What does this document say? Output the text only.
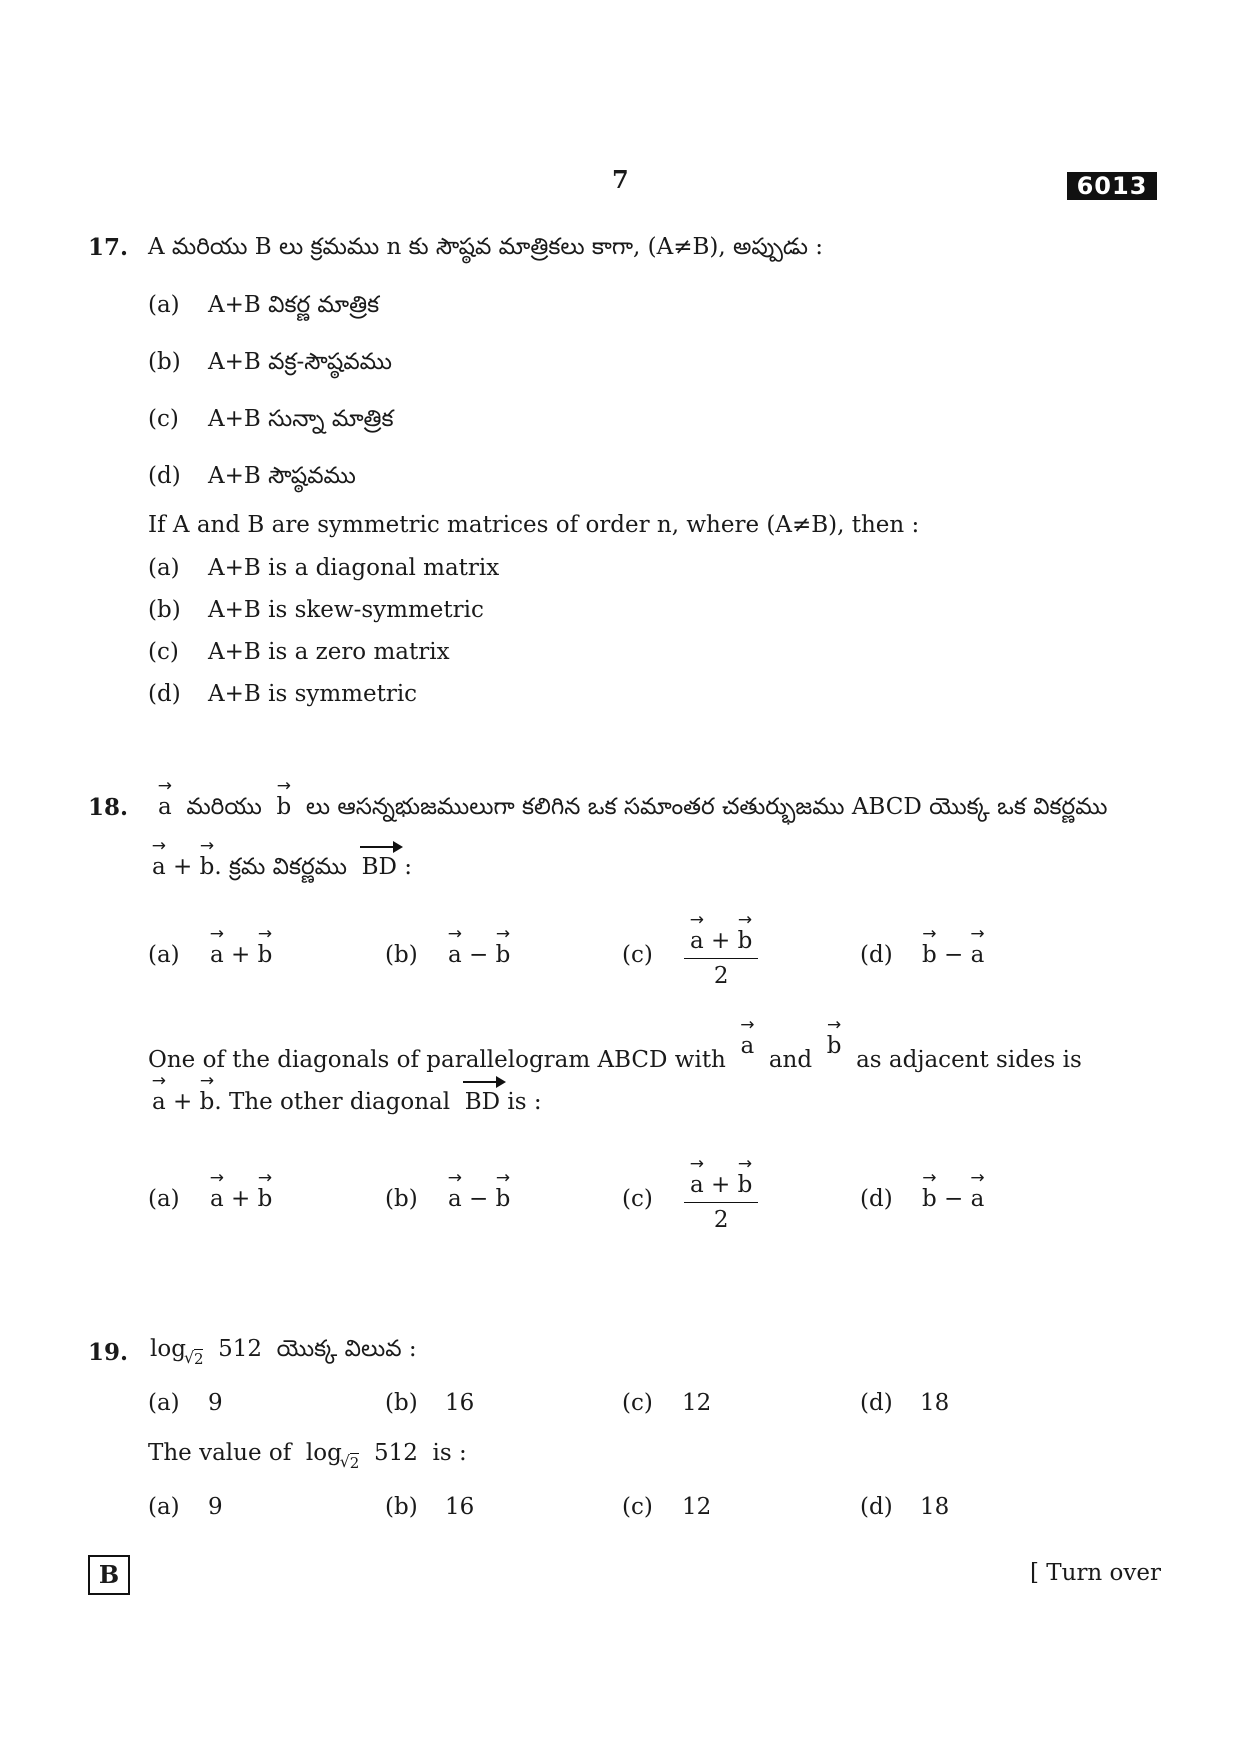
7	6013
17. A మరియు B లు క్రమము n కు సౌష్ఠవ మాత్రికలు కాగా, (A≠B), అప్పుడు :
(a) A+B వికర్ణ మాత్రిక
(b) A+B వక్ర-సౌష్ఠవము
(c) A+B సున్నా మాత్రిక
(d) A+B సౌష్ఠవము
If A and B are symmetric matrices of order n, where (A≠B), then :
(a) A+B is a diagonal matrix
(b) A+B is skew-symmetric
(c) A+B is a zero matrix
(d) A+B is symmetric
18.
→ a మరియు  → b లు ఆసన్నభుజములుగా కలిగిన ఒక సమాంతర చతుర్భుజము ABCD యొక్క ఒక వికర్ణము
→ a + → b. క్రమ వికర్ణము BD :
(a)
→ a + → b	(b)
→ a − → b	(c)
→ $\frac{a + \to b}{2}$	(d)
→ b − → a
One of the diagonals of parallelogram ABCD with  → a  and  → b  as adjacent sides is
→ a + → b. The other diagonal BD is :
(a)
→ a + → b	(b)
→ a − → b	(c)
→ $\frac{a + \to b}{2}$	(d)
→ b − → a
19. log√ $_2$ 512 యొక్క విలువ :
(a) 9	(b) 16	(c) 12	(d) 18
The value of log√ $_2$ 512 is :
(a) 9	(b) 16	(c) 12	(d) 18
B	[ Turn over
